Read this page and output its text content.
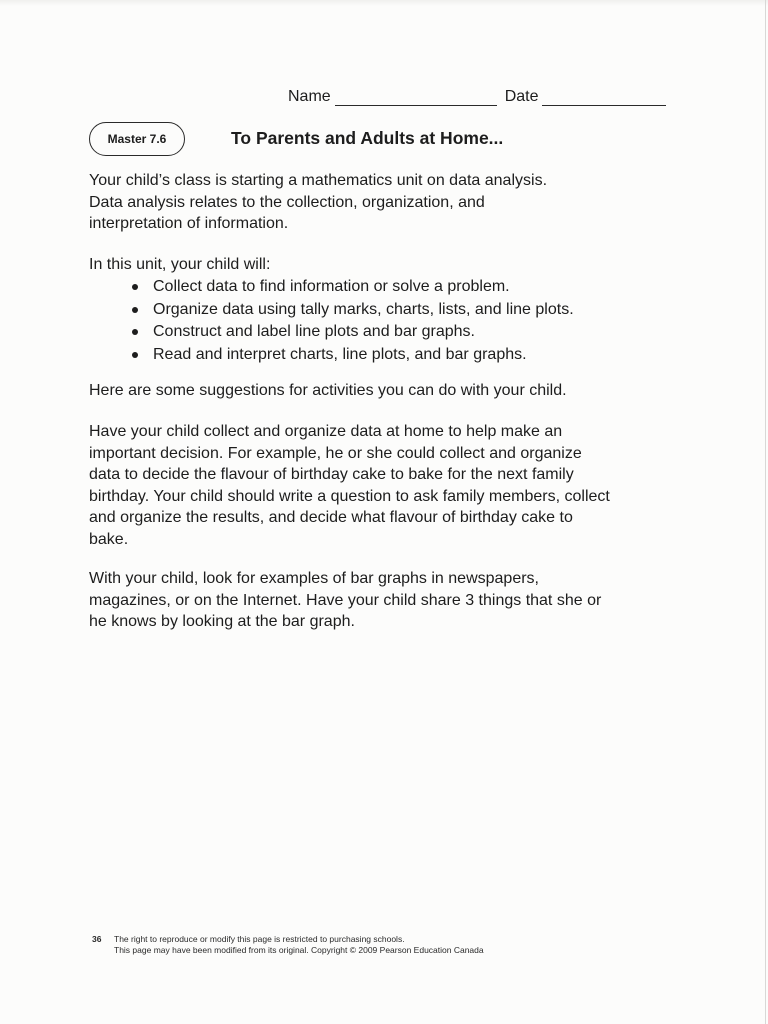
Name	Date
Master 7.6	To Parents and Adults at Home...

Your child’s class is starting a mathematics unit on data analysis.

Data analysis relates to the collection, organization, and

interpretation of information.

In this unit, your child will:
Collect data to find information or solve a problem.
Organize data using tally marks, charts, lists, and line plots.
Construct and label line plots and bar graphs.
Read and interpret charts, line plots, and bar graphs.
Here are some suggestions for activities you can do with your child.

Have your child collect and organize data at home to help make an

important decision. For example, he or she could collect and organize

data to decide the flavour of birthday cake to bake for the next family

birthday. Your child should write a question to ask family members, collect

and organize the results, and decide what flavour of birthday cake to

bake.

With your child, look for examples of bar graphs in newspapers,

magazines, or on the Internet. Have your child share 3 things that she or

he knows by looking at the bar graph.

36 The right to reproduce or modify this page is restricted to purchasing schools.
This page may have been modified from its original. Copyright © 2009 Pearson Education Canada
